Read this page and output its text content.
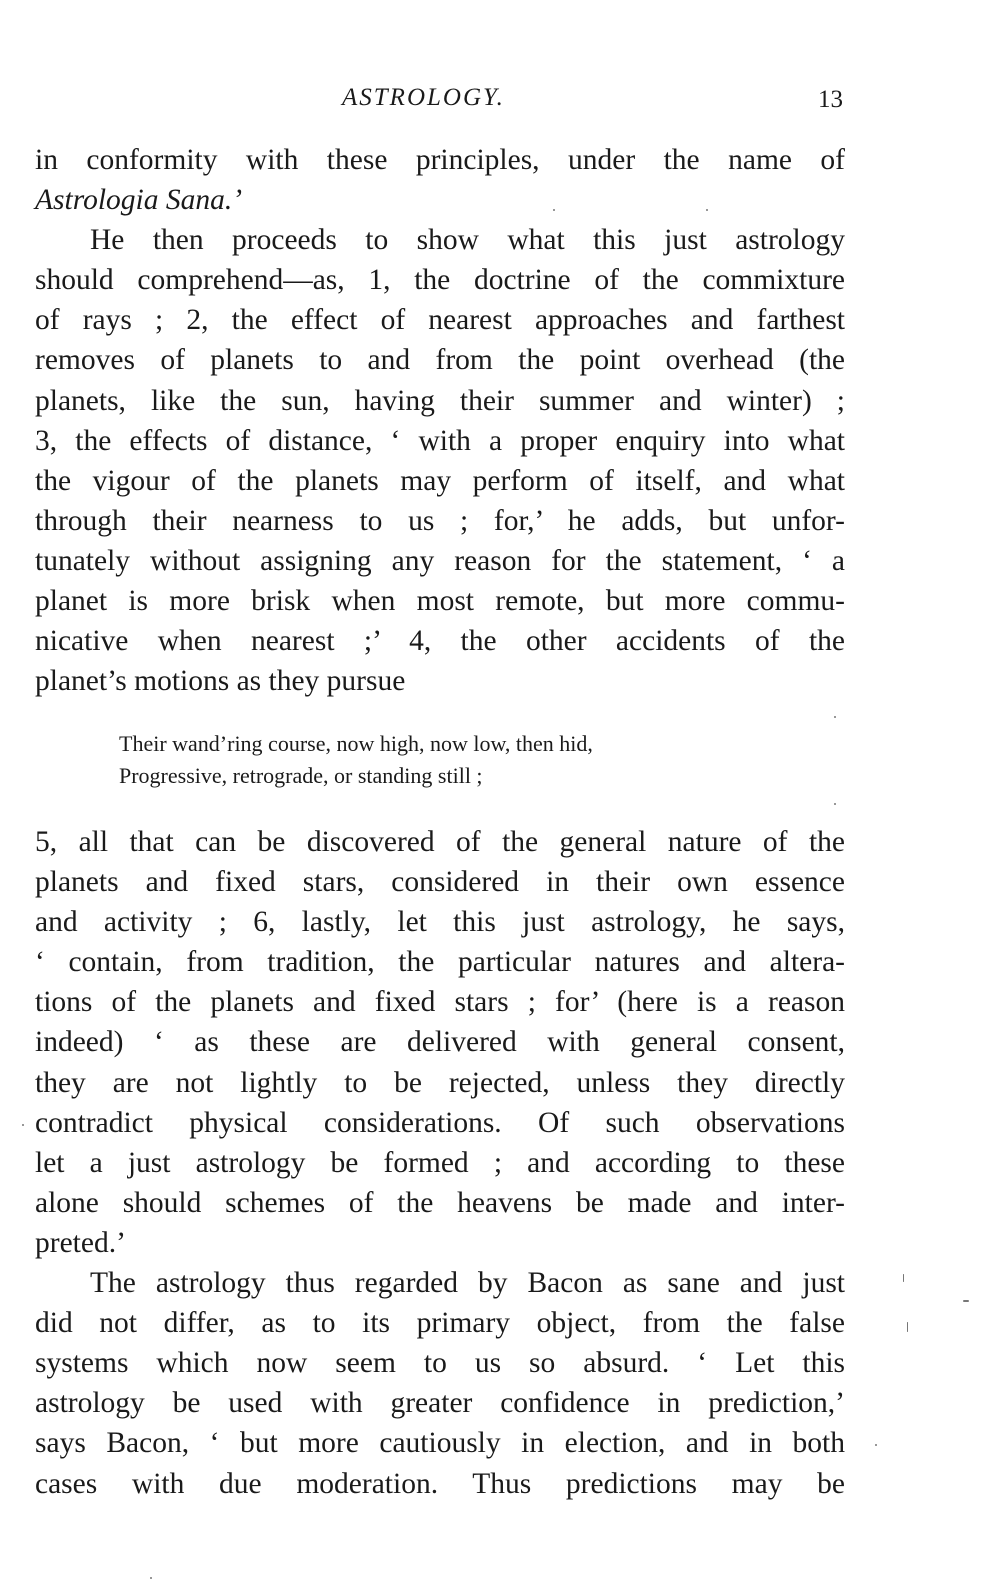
ASTROLOGY.	13
in conformity with these principles, under the name of
Astrologia Sana.’
He then proceeds to show what this just astrology
should comprehend—as, 1, the doctrine of the commixture
of rays ; 2, the effect of nearest approaches and farthest
removes of planets to and from the point overhead (the
planets, like the sun, having their summer and winter) ;
3, the effects of distance, ‘ with a proper enquiry into what
the vigour of the planets may perform of itself, and what
through their nearness to us ; for,’ he adds, but unfor-
tunately without assigning any reason for the statement, ‘ a
planet is more brisk when most remote, but more commu-
nicative when nearest ;’ 4, the other accidents of the
planet’s motions as they pursue
Their wand’ring course, now high, now low, then hid,
Progressive, retrograde, or standing still ;
5, all that can be discovered of the general nature of the
planets and fixed stars, considered in their own essence
and activity ; 6, lastly, let this just astrology, he says,
‘ contain, from tradition, the particular natures and altera-
tions of the planets and fixed stars ; for’ (here is a reason
indeed) ‘ as these are delivered with general consent,
they are not lightly to be rejected, unless they directly
contradict physical considerations. Of such observations
let a just astrology be formed ; and according to these
alone should schemes of the heavens be made and inter-
preted.’
The astrology thus regarded by Bacon as sane and just
did not differ, as to its primary object, from the false
systems which now seem to us so absurd. ‘ Let this
astrology be used with greater confidence in prediction,’
says Bacon, ‘ but more cautiously in election, and in both
cases with due moderation. Thus predictions may be
